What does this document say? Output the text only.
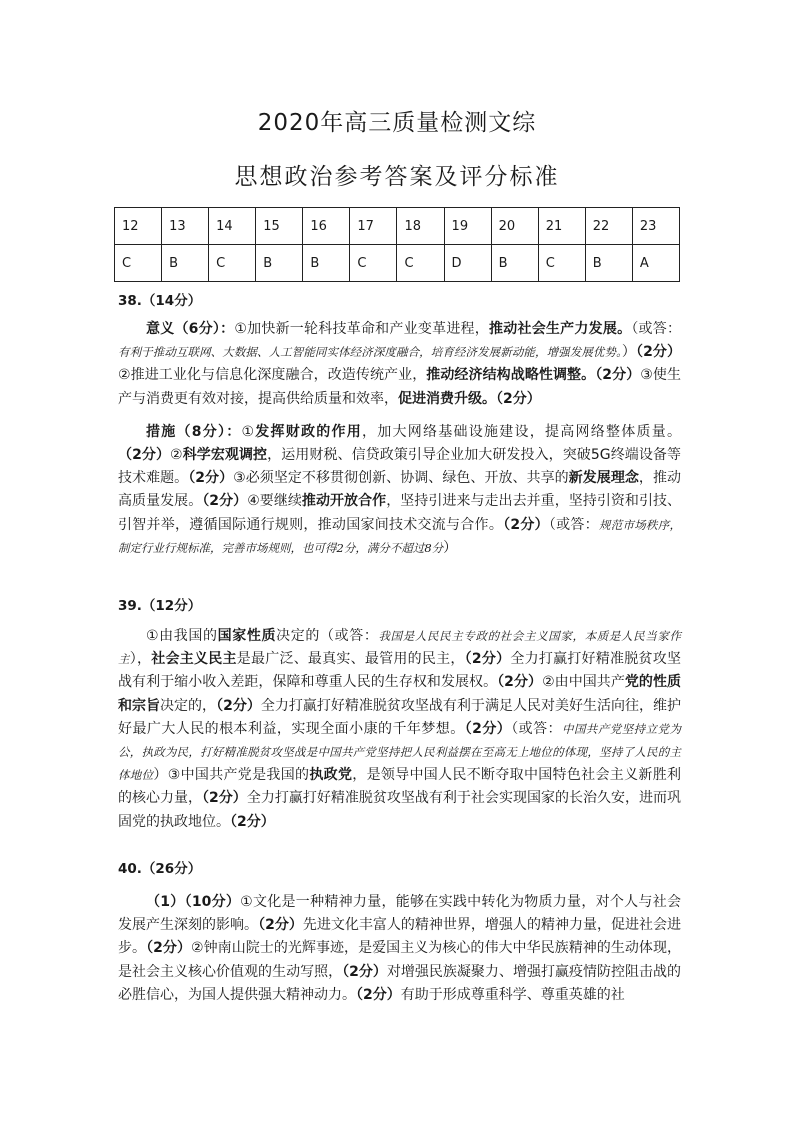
2020年高三质量检测文综
思想政治参考答案及评分标准
12	13	14	15	16	17	18	19	20	21	22	23
C	B	C	B	B	C	C	D	B	C	B	A
38.（14分）

意义（6分）：①加快新一轮科技革命和产业变革进程，推动社会生产力发展。（或答：有利于推动互联网、大数据、人工智能同实体经济深度融合，培育经济发展新动能，增强发展优势。）（2分）②推进工业化与信息化深度融合，改造传统产业，推动经济结构战略性调整。（2分）③使生产与消费更有效对接，提高供给质量和效率，促进消费升级。（2分）

措施（8分）：①发挥财政的作用，加大网络基础设施建设，提高网络整体质量。（2分）②科学宏观调控，运用财税、信贷政策引导企业加大研发投入，突破5G终端设备等技术难题。（2分）③必须坚定不移贯彻创新、协调、绿色、开放、共享的新发展理念，推动高质量发展。（2分）④要继续推动开放合作，坚持引进来与走出去并重，坚持引资和引技、引智并举，遵循国际通行规则，推动国家间技术交流与合作。（2分）（或答：规范市场秩序，制定行业行规标准，完善市场规则，也可得2分，满分不超过8分）

39.（12分）

①由我国的国家性质决定的（或答：我国是人民民主专政的社会主义国家，本质是人民当家作主），社会主义民主是最广泛、最真实、最管用的民主，（2分）全力打赢打好精准脱贫攻坚战有利于缩小收入差距，保障和尊重人民的生存权和发展权。（2分）②由中国共产党的性质和宗旨决定的，（2分）全力打赢打好精准脱贫攻坚战有利于满足人民对美好生活向往，维护好最广大人民的根本利益，实现全面小康的千年梦想。（2分）（或答：中国共产党坚持立党为公，执政为民，打好精准脱贫攻坚战是中国共产党坚持把人民利益摆在至高无上地位的体现，坚持了人民的主体地位）③中国共产党是我国的执政党，是领导中国人民不断夺取中国特色社会主义新胜利的核心力量，（2分）全力打赢打好精准脱贫攻坚战有利于社会实现国家的长治久安，进而巩固党的执政地位。（2分）

40.（26分）

（1）（10分）①文化是一种精神力量，能够在实践中转化为物质力量，对个人与社会发展产生深刻的影响。（2分）先进文化丰富人的精神世界，增强人的精神力量，促进社会进步。（2分）②钟南山院士的光辉事迹，是爱国主义为核心的伟大中华民族精神的生动体现，是社会主义核心价值观的生动写照，（2分）对增强民族凝聚力、增强打赢疫情防控阻击战的必胜信心，为国人提供强大精神动力。（2分）有助于形成尊重科学、尊重英雄的社
